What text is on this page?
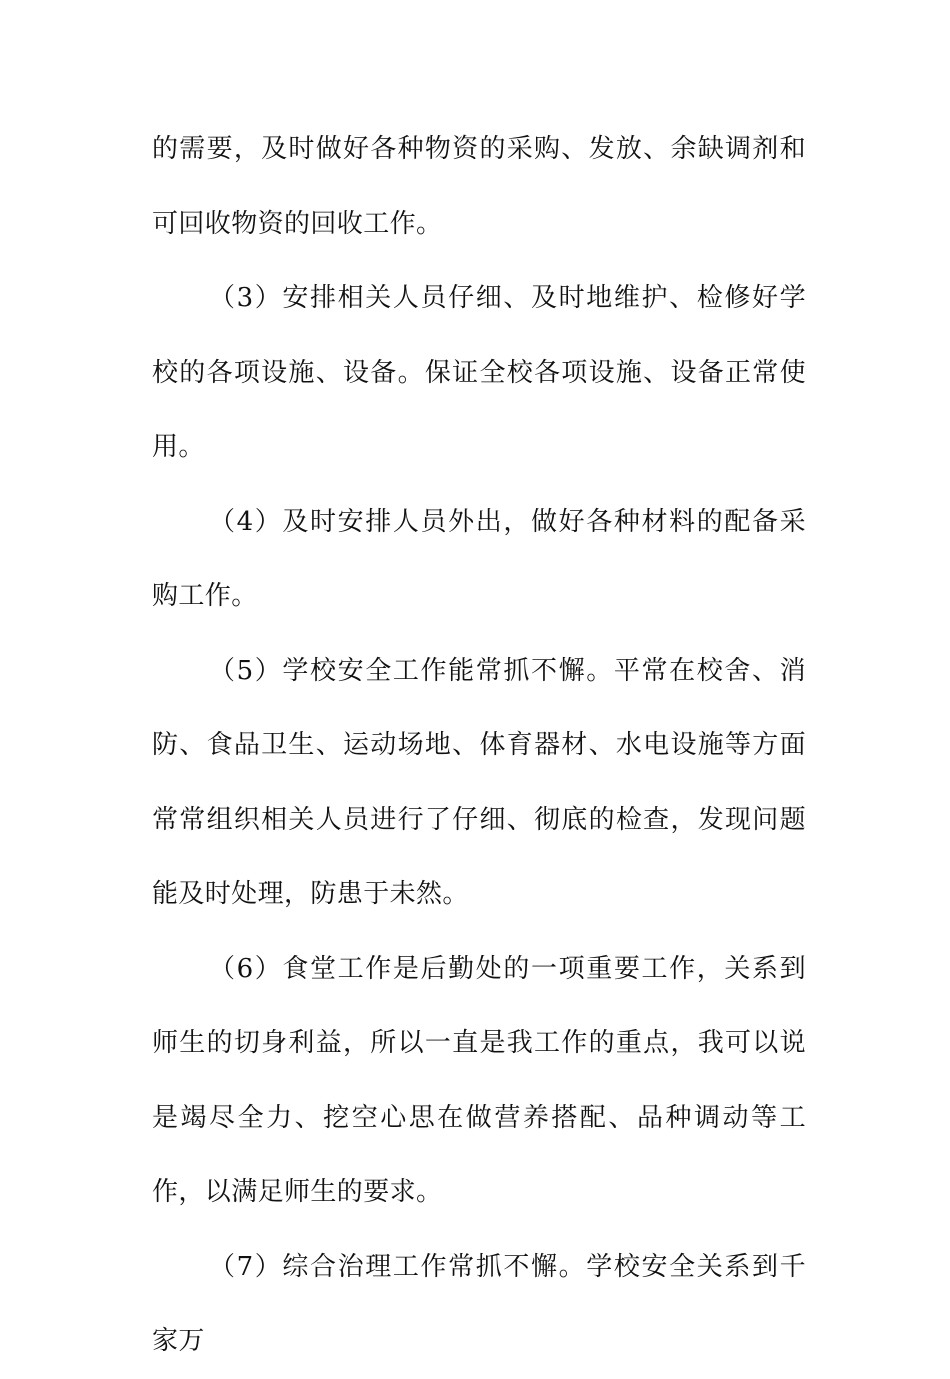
的需要，及时做好各种物资的采购、发放、余缺调剂和可回收物资的回收工作。

（3）安排相关人员仔细、及时地维护、检修好学校的各项设施、设备。保证全校各项设施、设备正常使用。

（4）及时安排人员外出，做好各种材料的配备采购工作。

（5）学校安全工作能常抓不懈。平常在校舍、消防、食品卫生、运动场地、体育器材、水电设施等方面常常组织相关人员进行了仔细、彻底的检查，发现问题能及时处理，防患于未然。

（6）食堂工作是后勤处的一项重要工作，关系到师生的切身利益，所以一直是我工作的重点，我可以说是竭尽全力、挖空心思在做营养搭配、品种调动等工作，以满足师生的要求。

（7）综合治理工作常抓不懈。学校安全关系到千家万
